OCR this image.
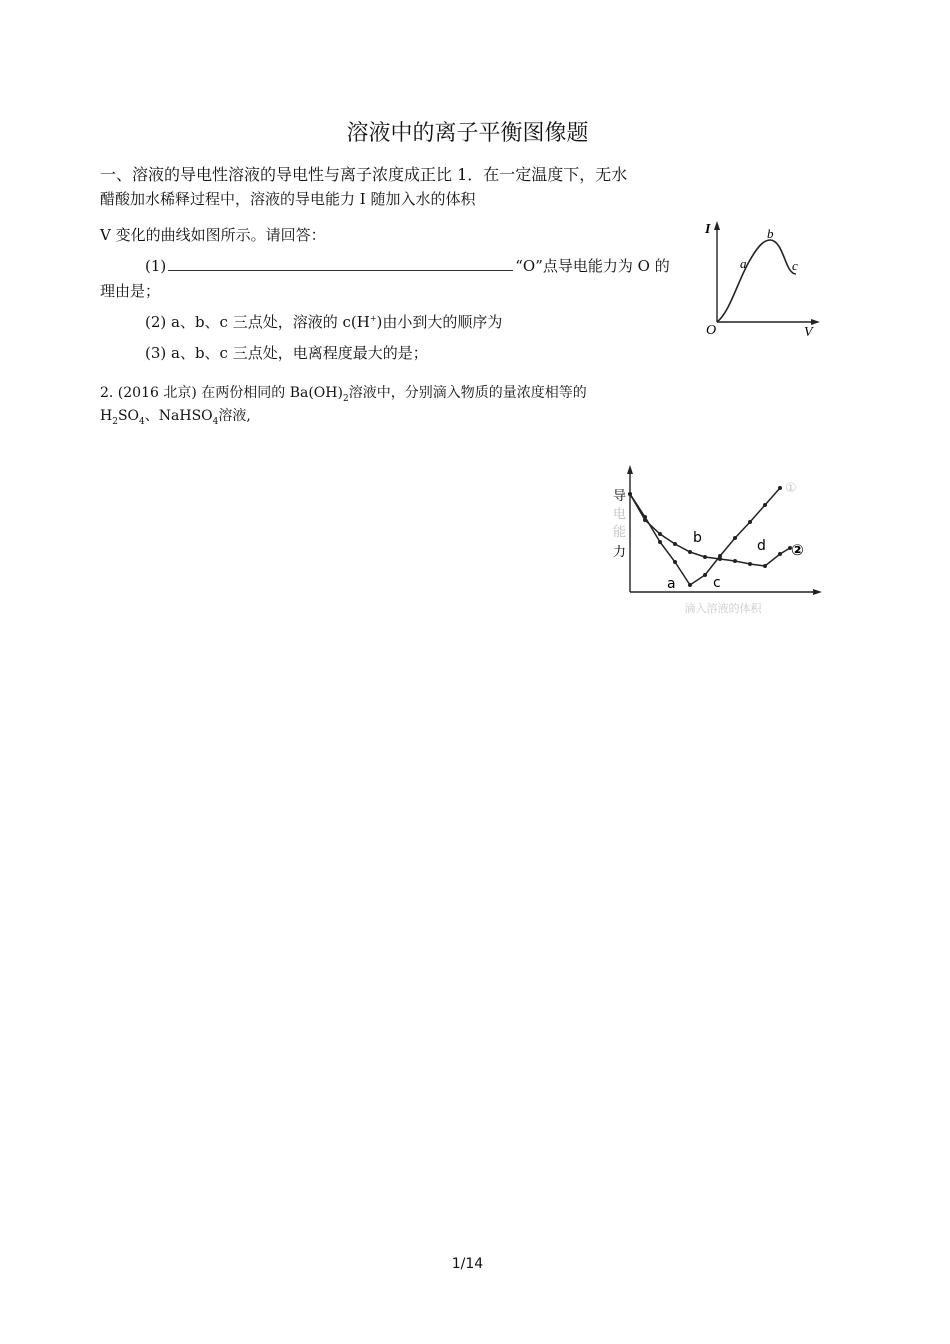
溶液中的离子平衡图像题
一、溶液的导电性溶液的导电性与离子浓度成正比 1．在一定温度下，无水
醋酸加水稀释过程中，溶液的导电能力 I 随加入水的体积
V 变化的曲线如图所示。请回答：
(1)	“O”点导电能力为 O 的
理由是；
(2) a、b、c 三点处，溶液的 c(H+)由小到大的顺序为
(3) a、b、c 三点处，电离程度最大的是；
2. (2016 北京) 在两份相同的 $Ba(OH)_2$溶液中，分别滴入物质的量浓度相等的
$H_2SO_4$、NaHSO$_4$溶液,
I
V
O
a
b
c
导
电
能
力
滴入溶液的体积
①
②
a
b
c
d
1/14
